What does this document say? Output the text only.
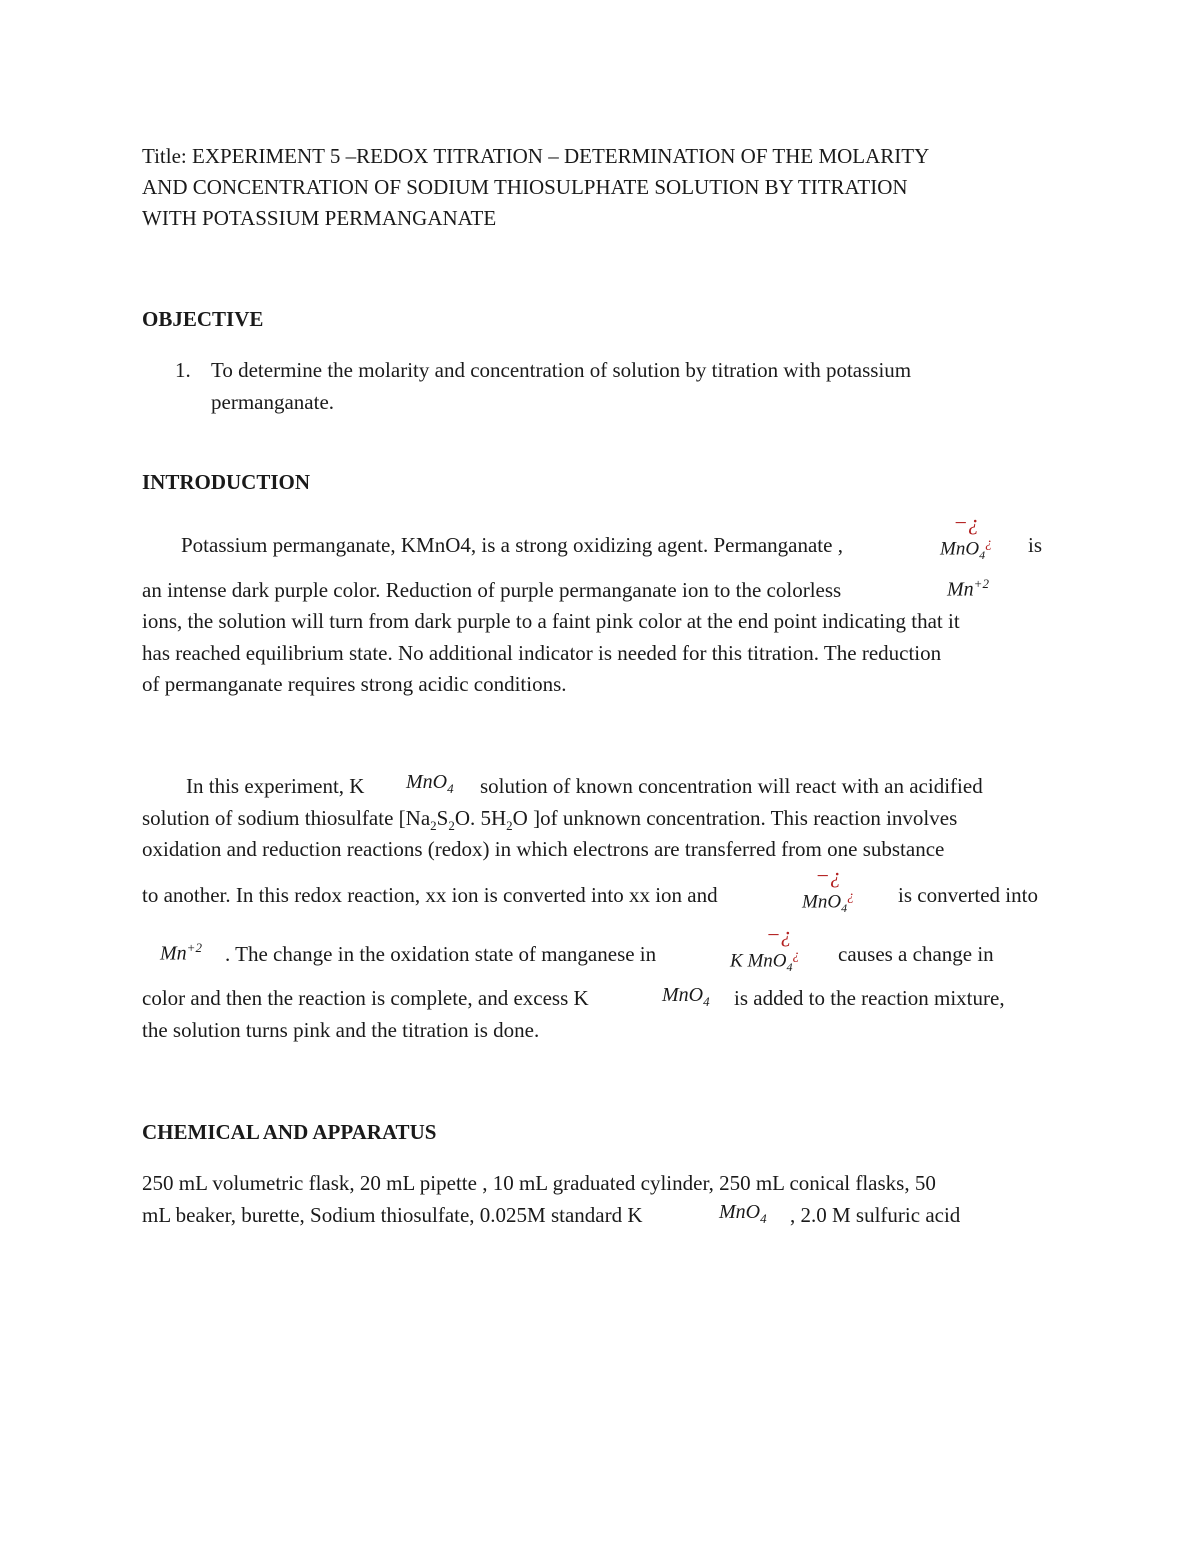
Title: EXPERIMENT 5 –REDOX TITRATION – DETERMINATION OF THE MOLARITY
AND CONCENTRATION OF SODIUM THIOSULPHATE SOLUTION BY TITRATION
WITH POTASSIUM PERMANGANATE
OBJECTIVE
1. To determine the molarity and concentration of solution by titration with potassium
permanganate.
INTRODUCTION
Potassium permanganate, KMnO4, is a strong oxidizing agent. Permanganate ,
−¿
MnO$_4$¿ is
an intense dark purple color. Reduction of purple permanganate ion to the colorless	$Mn^{+2}$
ions, the solution will turn from dark purple to a faint pink color at the end point indicating that it
has reached equilibrium state. No additional indicator is needed for this titration. The reduction
of permanganate requires strong acidic conditions.
In this experiment, K MnO$_4$ solution of known concentration will react with an acidified
solution of sodium thiosulfate [$Na_2S_2O$. $5H_2O$ ]of unknown concentration. This reaction involves
oxidation and reduction reactions (redox) in which electrons are transferred from one substance
to another. In this redox reaction, xx ion is converted into xx ion and
−¿
MnO$_4$¿ is converted into
$Mn^{+2}$ . The change in the oxidation state of manganese in
−¿
K MnO$_4$¿ causes a change in
color and then the reaction is complete, and excess K	MnO$_4$ is added to the reaction mixture,
the solution turns pink and the titration is done.
CHEMICAL AND APPARATUS
250 mL volumetric flask, 20 mL pipette , 10 mL graduated cylinder, 250 mL conical flasks, 50
mL beaker, burette, Sodium thiosulfate, 0.025M standard K	MnO$_4$ , 2.0 M sulfuric acid
